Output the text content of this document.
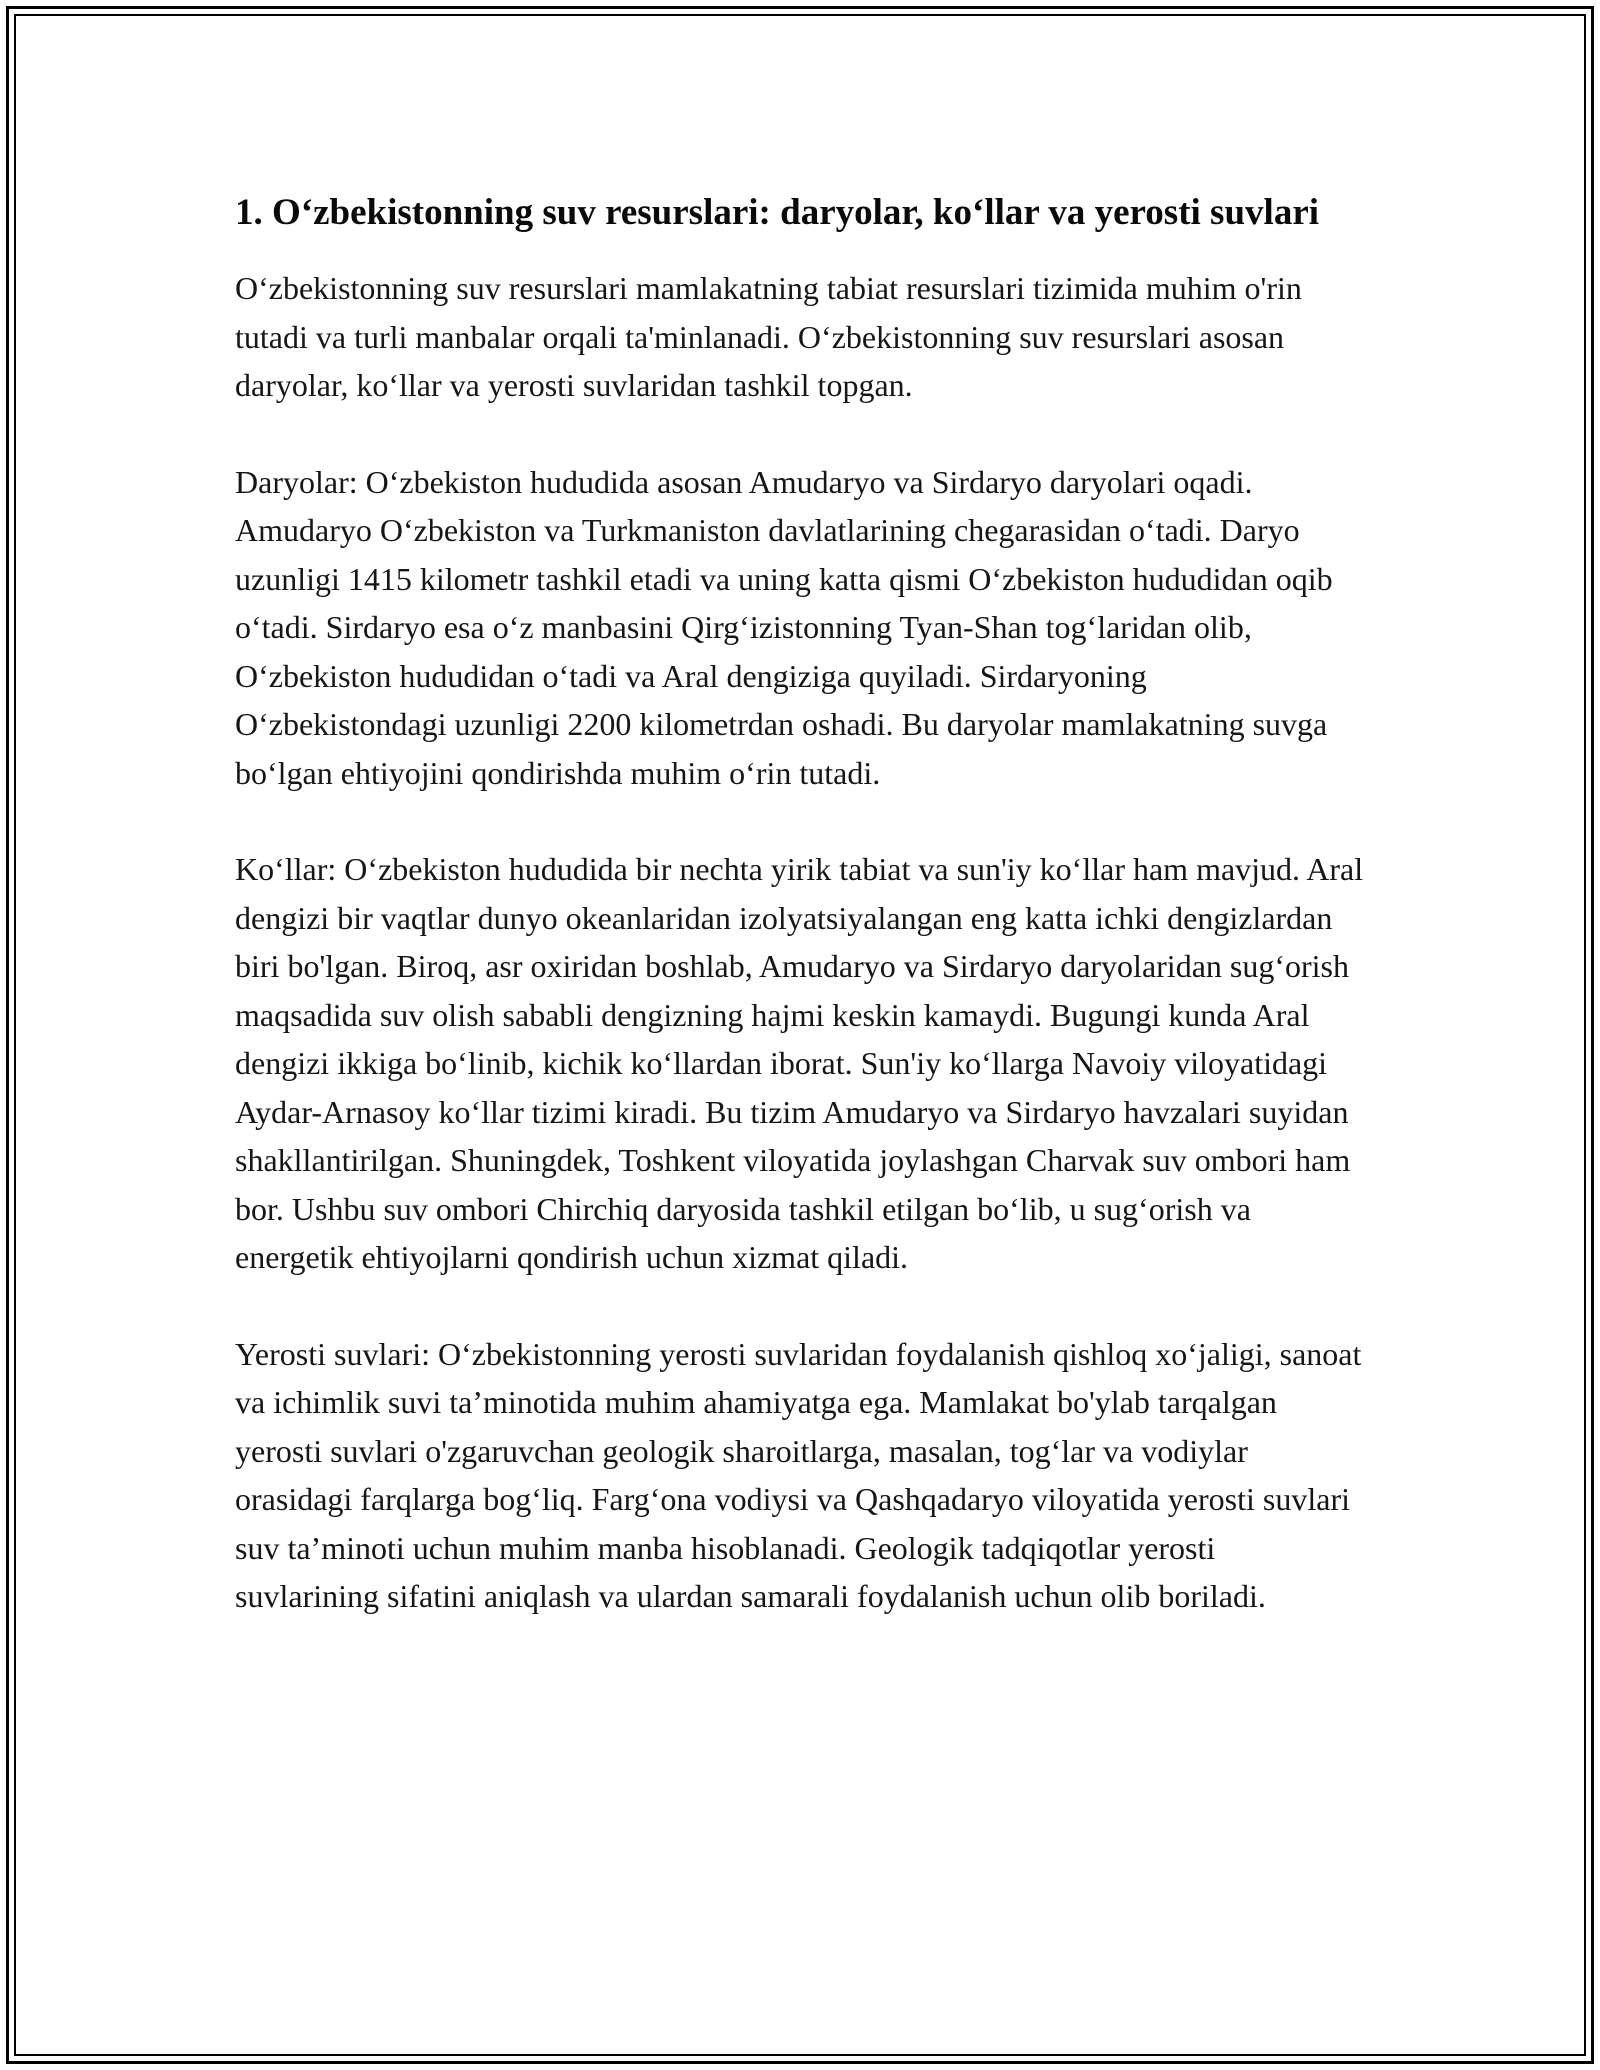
1. O‘zbekistonning suv resurslari: daryolar, ko‘llar va yerosti suvlari

O‘zbekistonning suv resurslari mamlakatning tabiat resurslari tizimida muhim o'rin tutadi va turli manbalar orqali ta'minlanadi. O‘zbekistonning suv resurslari asosan daryolar, ko‘llar va yerosti suvlaridan tashkil topgan.

Daryolar: O‘zbekiston hududida asosan Amudaryo va Sirdaryo daryolari oqadi. Amudaryo O‘zbekiston va Turkmaniston davlatlarining chegarasidan o‘tadi. Daryo uzunligi 1415 kilometr tashkil etadi va uning katta qismi O‘zbekiston hududidan oqib o‘tadi. Sirdaryo esa o‘z manbasini Qirg‘izistonning Tyan-Shan tog‘laridan olib, O‘zbekiston hududidan o‘tadi va Aral dengiziga quyiladi. Sirdaryoning O‘zbekistondagi uzunligi 2200 kilometrdan oshadi. Bu daryolar mamlakatning suvga bo‘lgan ehtiyojini qondirishda muhim o‘rin tutadi.

Ko‘llar: O‘zbekiston hududida bir nechta yirik tabiat va sun'iy ko‘llar ham mavjud. Aral dengizi bir vaqtlar dunyo okeanlaridan izolyatsiyalangan eng katta ichki dengizlardan biri bo'lgan. Biroq, asr oxiridan boshlab, Amudaryo va Sirdaryo daryolaridan sug‘orish maqsadida suv olish sababli dengizning hajmi keskin kamaydi. Bugungi kunda Aral dengizi ikkiga bo‘linib, kichik ko‘llardan iborat. Sun'iy ko‘llarga Navoiy viloyatidagi Aydar-Arnasoy ko‘llar tizimi kiradi. Bu tizim Amudaryo va Sirdaryo havzalari suyidan shakllantirilgan. Shuningdek, Toshkent viloyatida joylashgan Charvak suv ombori ham bor. Ushbu suv ombori Chirchiq daryosida tashkil etilgan bo‘lib, u sug‘orish va energetik ehtiyojlarni qondirish uchun xizmat qiladi.

Yerosti suvlari: O‘zbekistonning yerosti suvlaridan foydalanish qishloq xo‘jaligi, sanoat va ichimlik suvi ta’minotida muhim ahamiyatga ega. Mamlakat bo'ylab tarqalgan yerosti suvlari o'zgaruvchan geologik sharoitlarga, masalan, tog‘lar va vodiylar orasidagi farqlarga bog‘liq. Farg‘ona vodiysi va Qashqadaryo viloyatida yerosti suvlari suv ta’minoti uchun muhim manba hisoblanadi. Geologik tadqiqotlar yerosti suvlarining sifatini aniqlash va ulardan samarali foydalanish uchun olib boriladi.
